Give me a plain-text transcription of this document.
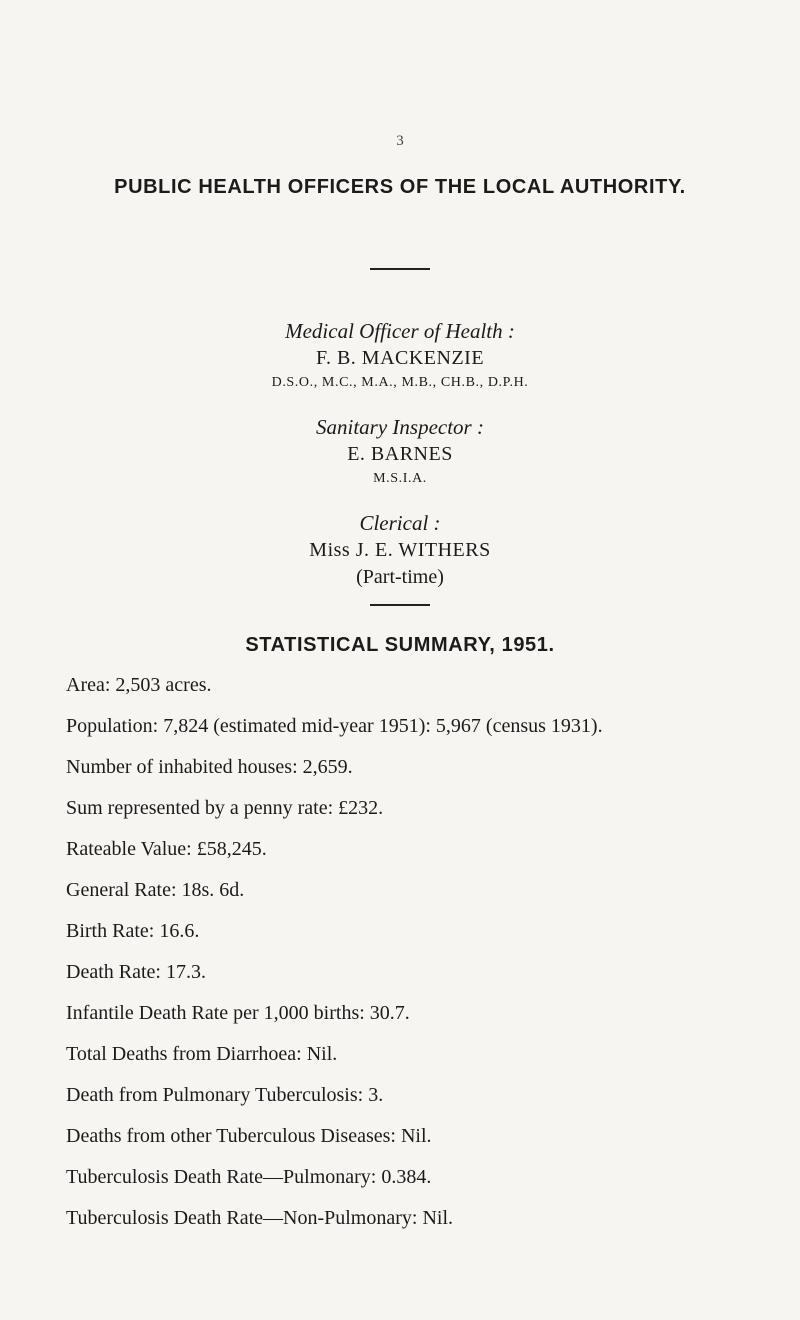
3
PUBLIC HEALTH OFFICERS OF THE LOCAL AUTHORITY.
Medical Officer of Health :
F. B. MACKENZIE
D.S.O., M.C., M.A., M.B., CH.B., D.P.H.
Sanitary Inspector :
E. BARNES
M.S.I.A.
Clerical :
Miss J. E. WITHERS
(Part-time)
STATISTICAL SUMMARY, 1951.
Area: 2,503 acres.
Population: 7,824 (estimated mid-year 1951): 5,967 (census 1931).
Number of inhabited houses: 2,659.
Sum represented by a penny rate: £232.
Rateable Value: £58,245.
General Rate: 18s. 6d.
Birth Rate: 16.6.
Death Rate: 17.3.
Infantile Death Rate per 1,000 births: 30.7.
Total Deaths from Diarrhoea: Nil.
Death from Pulmonary Tuberculosis: 3.
Deaths from other Tuberculous Diseases: Nil.
Tuberculosis Death Rate—Pulmonary: 0.384.
Tuberculosis Death Rate—Non-Pulmonary: Nil.
